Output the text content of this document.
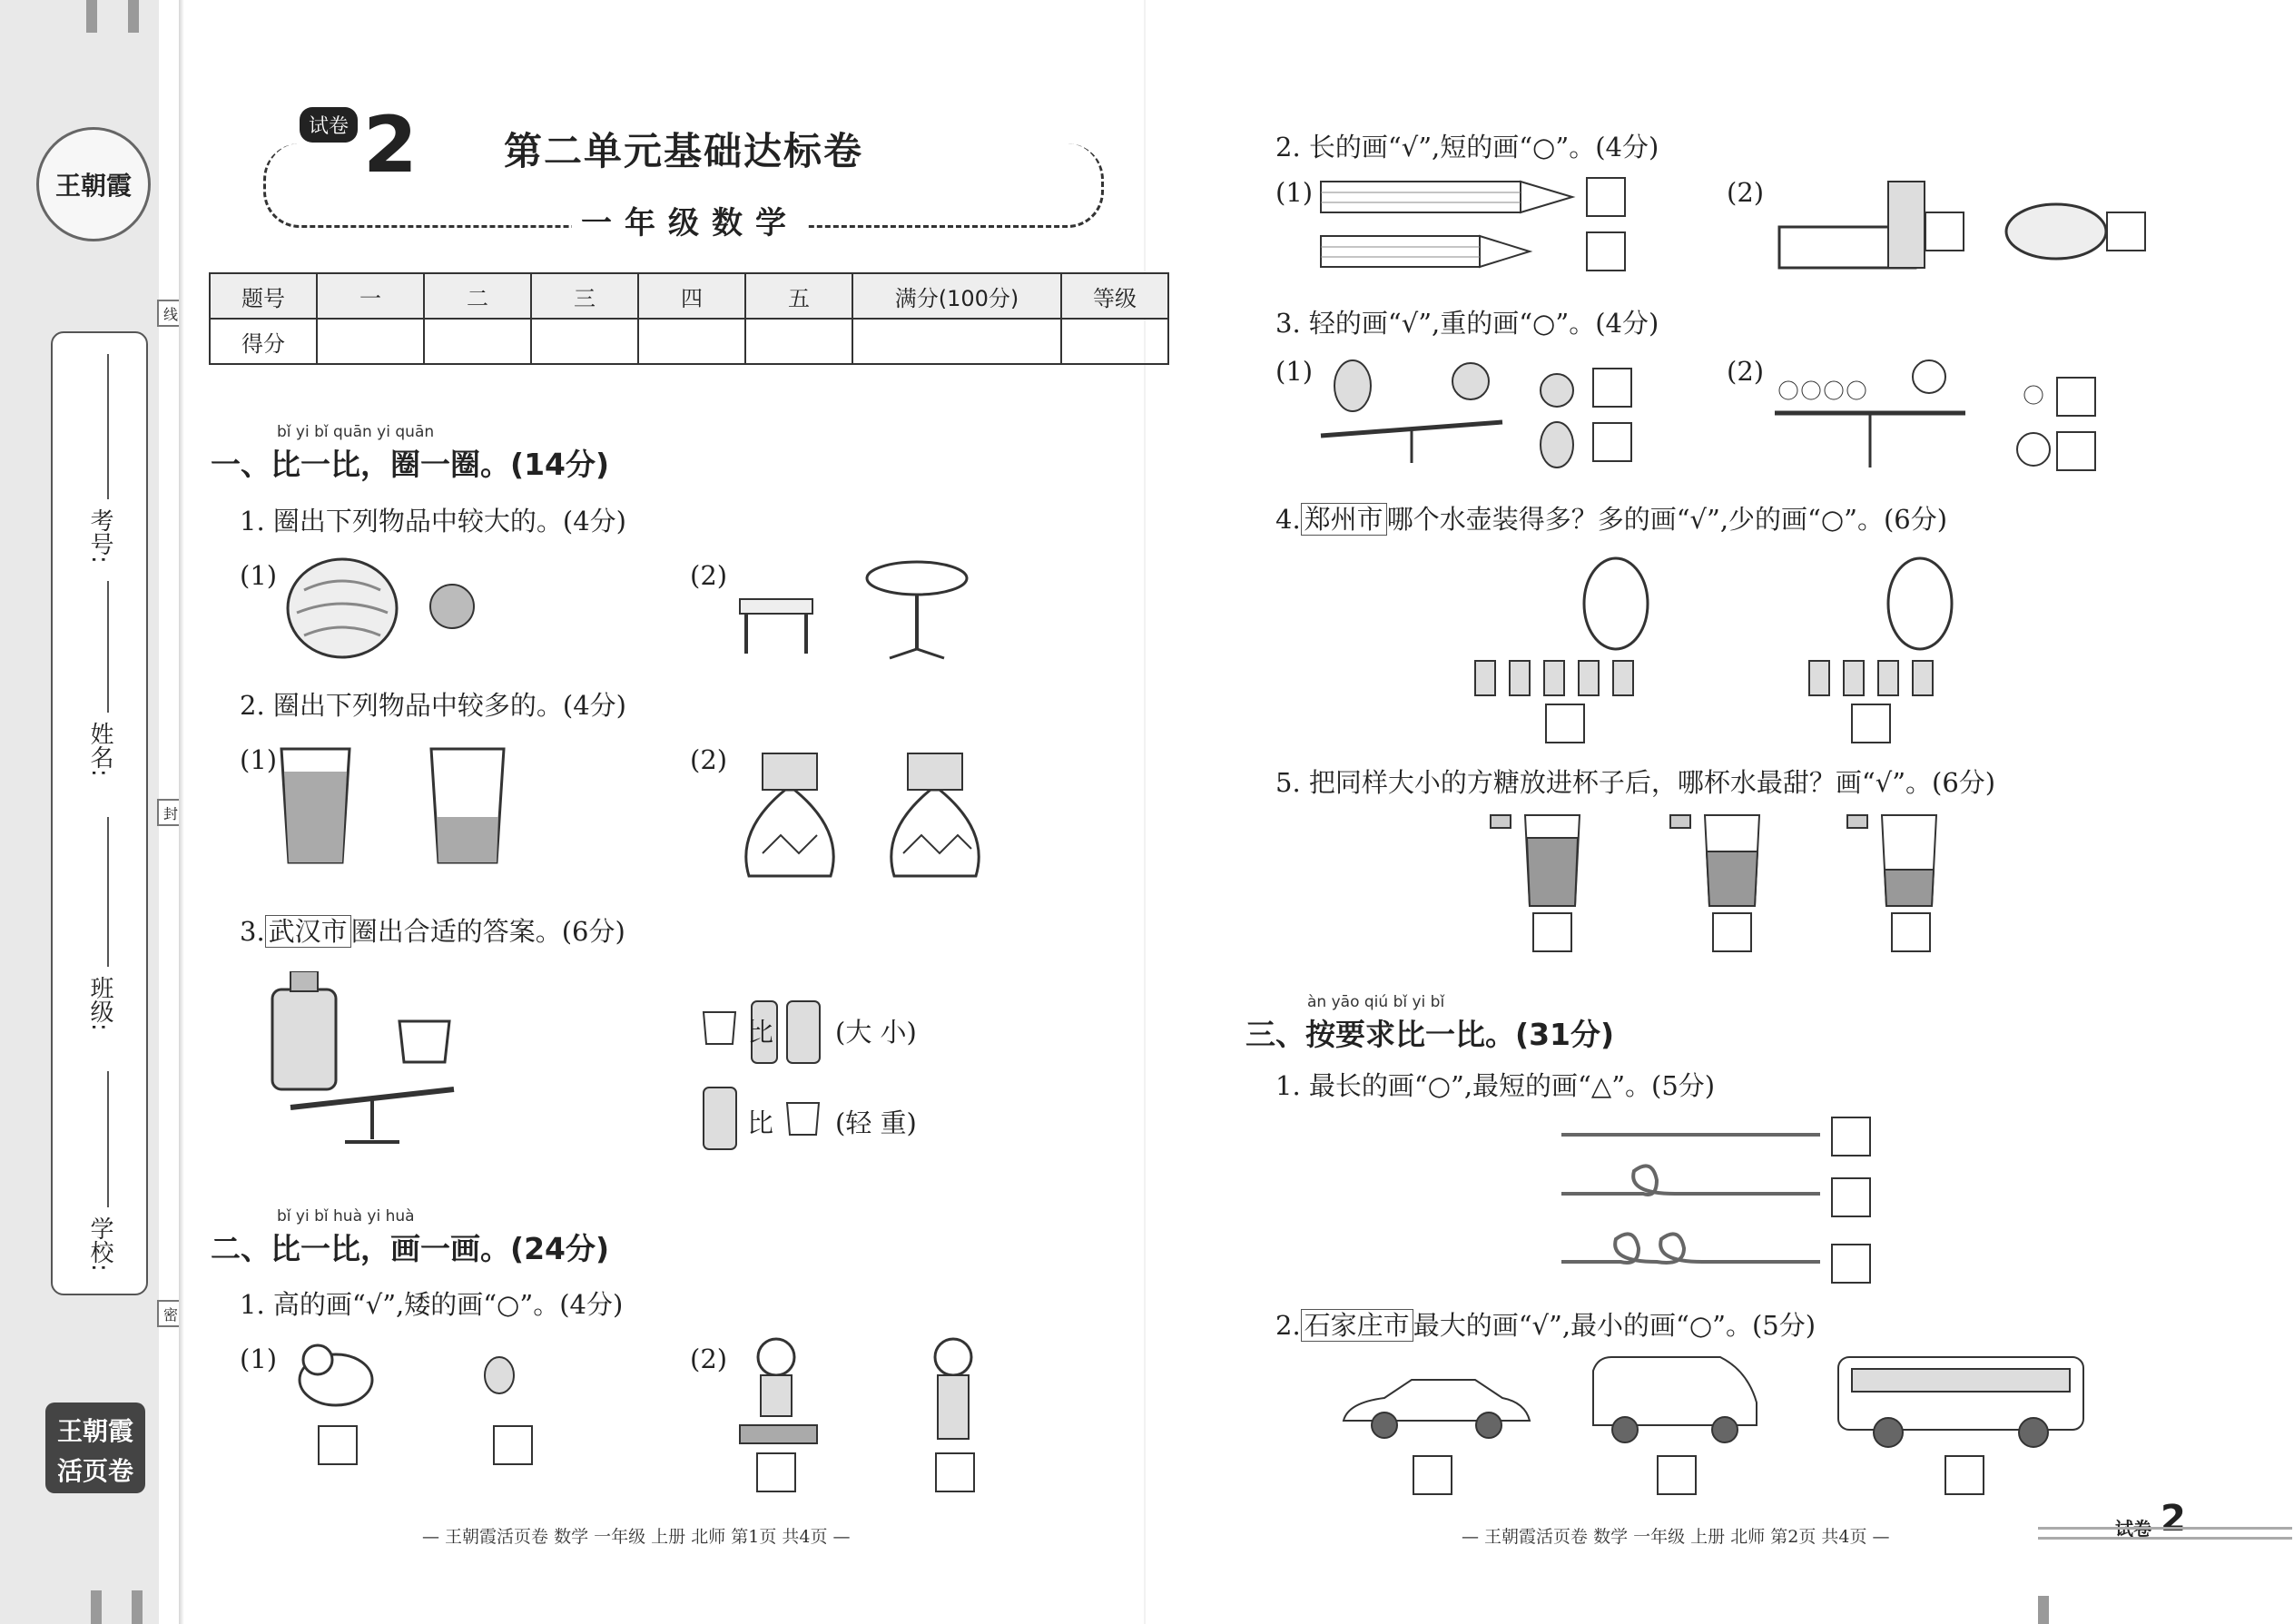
王朝霞
考号:
姓名:
班级:
学校:
线
封
密
王朝霞
活页卷
试卷 2 第二单元基础达标卷
一年级数学
题号	一	二	三	四	五	满分(100分)	等级
得分							
bǐ yi bǐ quān yi quān
一、比一比，圈一圈。(14分)
1. 圈出下列物品中较大的。(4分)
(1)	(2)
2. 圈出下列物品中较多的。(4分)
(1)	(2)
3. 武汉市 圈出合适的答案。(6分)
比 (大 小)
比 (轻 重)
bǐ yi bǐ huà yi huà
二、比一比，画一画。(24分)
1. 高的画“√”,矮的画“○”。(4分)
(1)	(2)
2. 长的画“√”,短的画“○”。(4分)
(1)	(2)
3. 轻的画“√”,重的画“○”。(4分)
(1)	(2)
4. 郑州市 哪个水壶装得多？多的画“√”,少的画“○”。(6分)
5. 把同样大小的方糖放进杯子后，哪杯水最甜？画“√”。(6分)
àn yāo qiú bǐ yi bǐ
三、按要求比一比。(31分)
1. 最长的画“○”,最短的画“△”。(5分)
2. 石家庄市 最大的画“√”,最小的画“○”。(5分)
— 王朝霞活页卷 数学 一年级 上册 北师 第1页 共4页 —	— 王朝霞活页卷 数学 一年级 上册 北师 第2页 共4页 —	试卷 2
